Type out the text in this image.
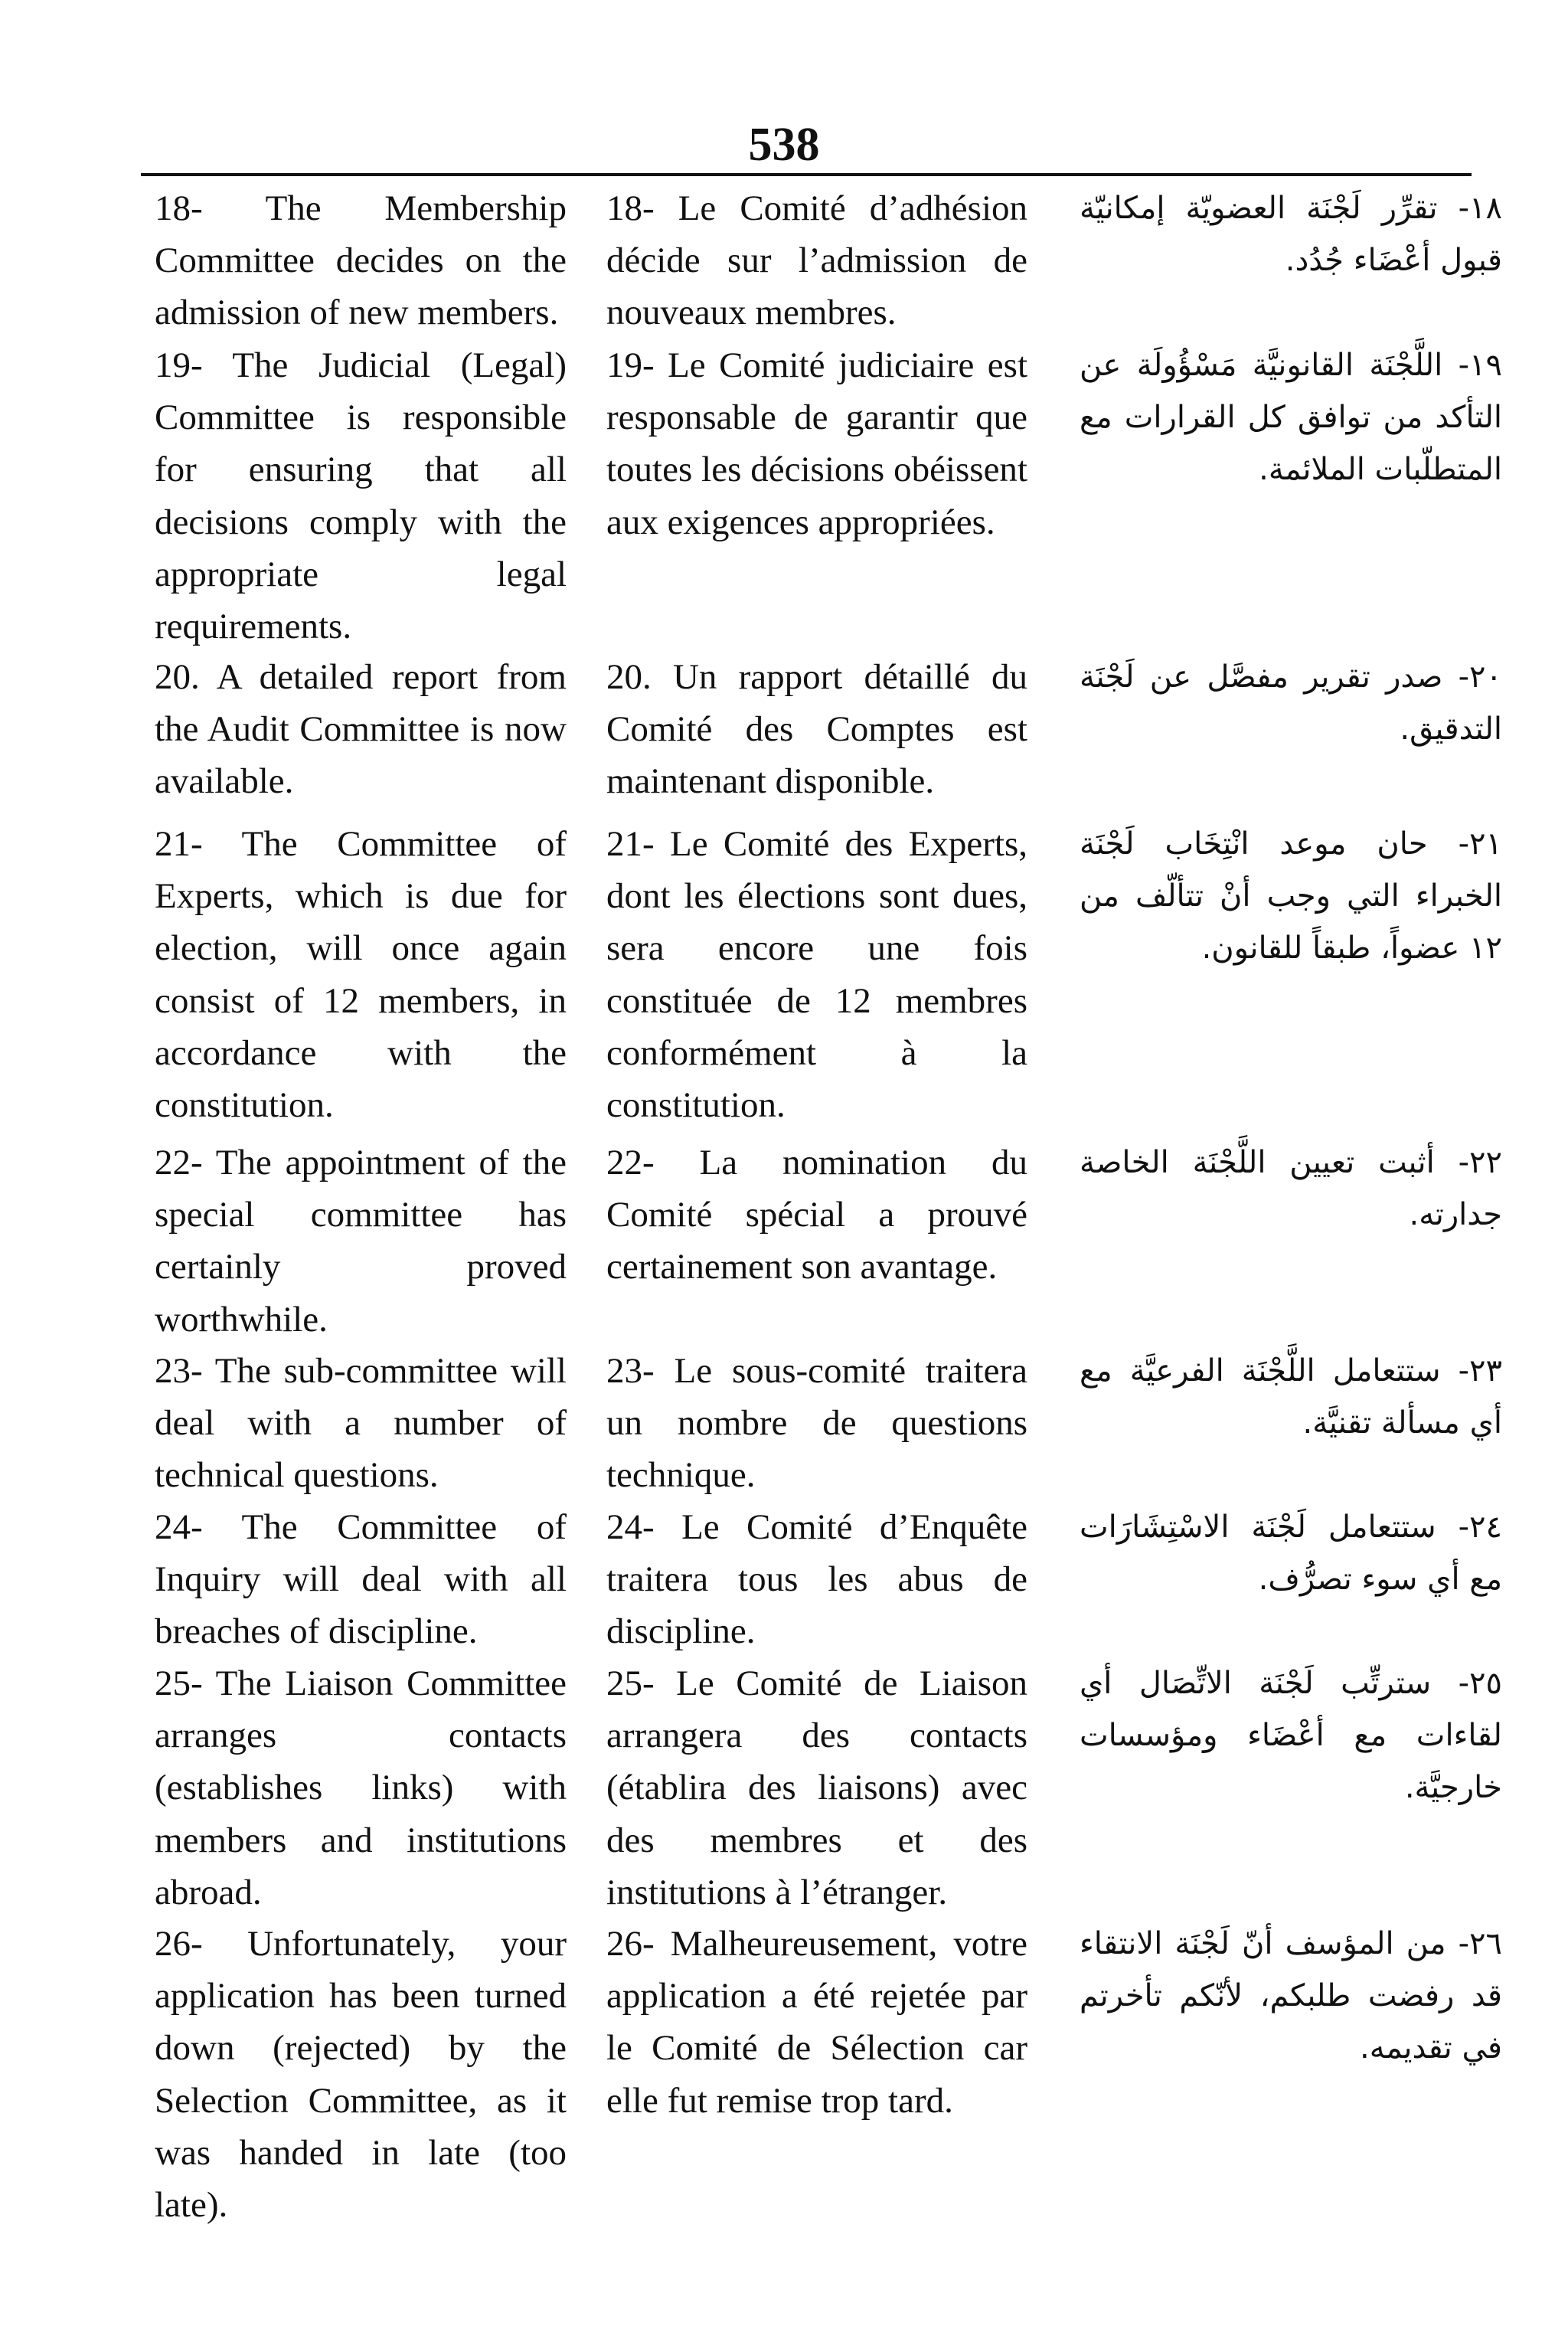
538
18- The Membership Committee decides on the admission of new members.
18- Le Comité d’adhésion décide sur l’admission de nouveaux membres.
١٨- تقرِّر لَجْنَة العضويّة إمكانيّة قبول أعْضَاء جُدُد.
19- The Judicial (Legal) Committee is responsible for ensuring that all decisions comply with the appropriate legal requirements.
19- Le Comité judiciaire est responsable de garantir que toutes les décisions obéissent aux exigences appropriées.
١٩- اللَّجْنَة القانونيَّة مَسْؤُولَة عن التأكد من توافق كل القرارات مع المتطلّبات الملائمة.
20. A detailed report from the Audit Committee is now available.
20. Un rapport détaillé du Comité des Comptes est maintenant disponible.
٢٠- صدر تقرير مفصَّل عن لَجْنَة التدقيق.
21- The Committee of Experts, which is due for election, will once again consist of 12 members, in accordance with the constitution.
21- Le Comité des Experts, dont les élections sont dues, sera encore une fois constituée de 12 membres conformément à la constitution.
٢١- حان موعد انْتِخَاب لَجْنَة الخبراء التي وجب أنْ تتألّف من ١٢ عضواً، طبقاً للقانون.
22- The appointment of the special committee has certainly proved worthwhile.
22- La nomination du Comité spécial a prouvé certainement son avantage.
٢٢- أثبت تعيين اللَّجْنَة الخاصة جدارته.
23- The sub-committee will deal with a number of technical questions.
23- Le sous-comité traitera un nombre de questions technique.
٢٣- ستتعامل اللَّجْنَة الفرعيَّة مع أي مسألة تقنيَّة.
24- The Committee of Inquiry will deal with all breaches of discipline.
24- Le Comité d’Enquête traitera tous les abus de discipline.
٢٤- ستتعامل لَجْنَة الاسْتِشَارَات مع أي سوء تصرُّف.
25- The Liaison Committee arranges contacts (establishes links) with members and institutions abroad.
25- Le Comité de Liaison arrangera des contacts (établira des liaisons) avec des membres et des institutions à l’étranger.
٢٥- سترتِّب لَجْنَة الاتِّصَال أي لقاءات مع أعْضَاء ومؤسسات خارجيَّة.
26- Unfortunately, your application has been turned down (rejected) by the Selection Committee, as it was handed in late (too late).
26- Malheureusement, votre application a été rejetée par le Comité de Sélection car elle fut remise trop tard.
٢٦- من المؤسف أنّ لَجْنَة الانتقاء قد رفضت طلبكم، لأنّكم تأخرتم في تقديمه.
